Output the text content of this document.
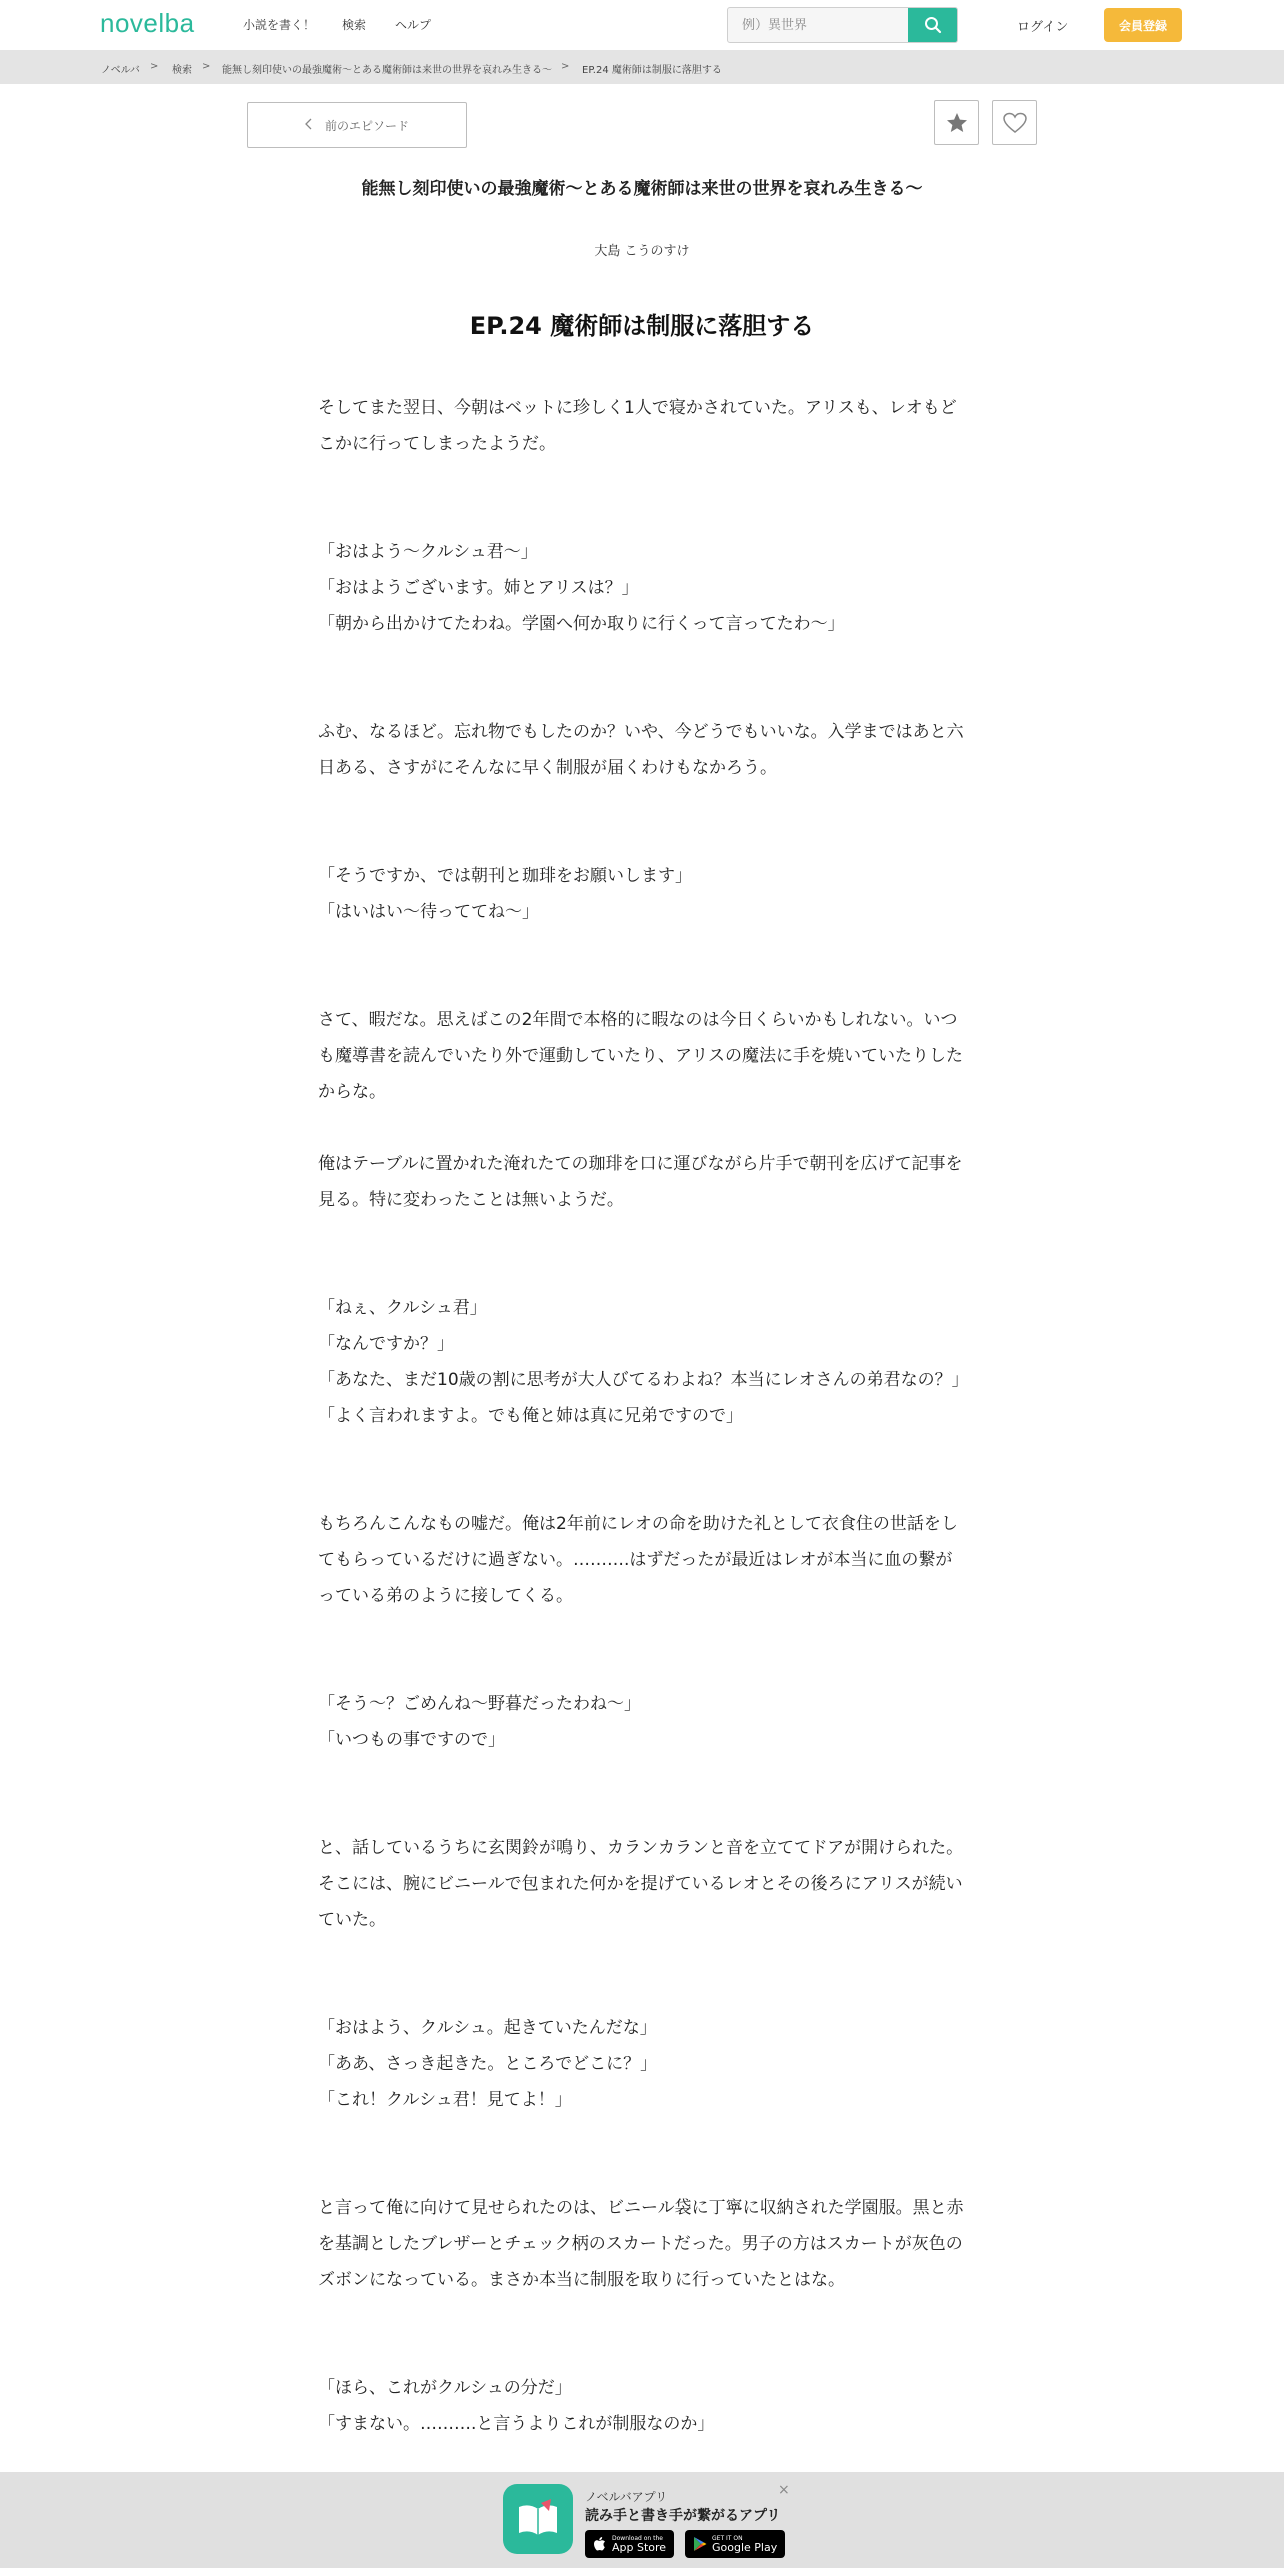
novelba	小説を書く！ 検索 ヘルプ
例）異世界	ログイン	会員登録
ノベルバ > 検索 > 能無し刻印使いの最強魔術〜とある魔術師は来世の世界を哀れみ生きる〜 > EP.24 魔術師は制服に落胆する
前のエピソード
能無し刻印使いの最強魔術〜とある魔術師は来世の世界を哀れみ生きる〜
大島 こうのすけ
EP.24 魔術師は制服に落胆する

そしてまた翌日、今朝はベットに珍しく1人で寝かされていた。アリスも、レオもどこかに行ってしまったようだ。

「おはよう〜クルシュ君〜」

「おはようございます。姉とアリスは？」

「朝から出かけてたわね。学園へ何か取りに行くって言ってたわ〜」

ふむ、なるほど。忘れ物でもしたのか？いや、今どうでもいいな。入学まではあと六日ある、さすがにそんなに早く制服が届くわけもなかろう。

「そうですか、では朝刊と珈琲をお願いします」

「はいはい〜待っててね〜」

さて、暇だな。思えばこの2年間で本格的に暇なのは今日くらいかもしれない。いつも魔導書を読んでいたり外で運動していたり、アリスの魔法に手を焼いていたりしたからな。

俺はテーブルに置かれた淹れたての珈琲を口に運びながら片手で朝刊を広げて記事を見る。特に変わったことは無いようだ。

「ねぇ、クルシュ君」

「なんですか？」

「あなた、まだ10歳の割に思考が大人びてるわよね？本当にレオさんの弟君なの？」

「よく言われますよ。でも俺と姉は真に兄弟ですので」

もちろんこんなもの嘘だ。俺は2年前にレオの命を助けた礼として衣食住の世話をしてもらっているだけに過ぎない。……….はずだったが最近はレオが本当に血の繋がっている弟のように接してくる。

「そう〜？ごめんね〜野暮だったわね〜」

「いつもの事ですので」

と、話しているうちに玄関鈴が鳴り、カランカランと音を立ててドアが開けられた。そこには、腕にビニールで包まれた何かを提げているレオとその後ろにアリスが続いていた。

「おはよう、クルシュ。起きていたんだな」

「ああ、さっき起きた。ところでどこに？」

「これ！クルシュ君！見てよ！」

と言って俺に向けて見せられたのは、ビニール袋に丁寧に収納された学園服。黒と赤を基調としたブレザーとチェック柄のスカートだった。男子の方はスカートが灰色のズボンになっている。まさか本当に制服を取りに行っていたとはな。

「ほら、これがクルシュの分だ」

「すまない。……….と言うよりこれが制服なのか」

ノベルバアプリ
読み手と書き手が繋がるアプリ
Download on the
App Store
GET IT ON
Google Play
×
